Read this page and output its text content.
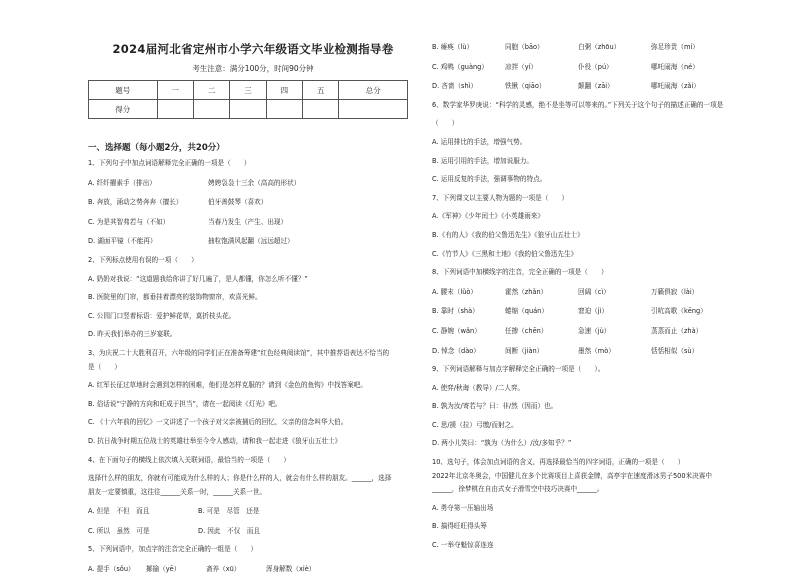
2024届河北省定州市小学六年级语文毕业检测指导卷
考生注意：满分100分，时间90分钟
题号	一	二	三	四	五	总分
得分						
一、选择题（每小题2分，共20分）
1、下列句子中加点词语解释完全正确的一项是（　　）
A. 纤纤擢素手（排出）	娉娉袅袅十三余（高高的形状）
B. 奔放，涌动之势奔奔（擅长）	伯牙善鼓琴（喜欢）
C. 为是其智弗若与（不如）	当春乃发生（产生、出现）
D. 湖面平镜（不能再）	抽粒饱满风起翻（远远超过）
2、下列标点使用有误的一项（　　）
A. 奶奶对我说：“这道题我给你讲了好几遍了，是人都懂，你怎么听不懂？”
B. 医院里的门帘，都垂挂着漂亮的装饰物窗帘，欢喜光鲜。
C. 公园门口竖着标语：爱护鲜花草，莫折枝头花。
D. 昨天我们举办的三岁宴联。
3、为庆祝二十大胜利召开，六年级的同学们正在准备筹建“红色经典阅读馆”，其中推荐语表达不恰当的
是（　　）
A. 红军长征过草地时会遇到怎样的困难，他们是怎样克服的？请到《金色的鱼钩》中找答案吧。
B. 俗话说“宁静的方向和旺成于担当”，请在一起阅读《灯光》吧。
C. 《十六年前的回忆》一文讲述了一个孩子对父亲被捕后的回忆，父亲的信念叫华大伯。
D. 抗日战争时期五位战士的英雄壮举至今令人感动，请和我一起走进《狼牙山五壮士》
4、在下面句子的横线上依次填入关联词语，最恰当的一项是（　　）
选择什么样的朋友，你就有可能成为什么样的人；你是什么样的人，就会有什么样的朋友。______，选择
朋友一定要慎重，这往往______关系一时，______关系一世。
A. 但是　不但　而且	B. 可是　尽管　还是
C. 所以　虽然　可是	D. 因此　不仅　而且
5、下列词语中，加点字的注音完全正确的一组是（　　）
A. 提手（sǒu）	揶揄（yē）	斋养（xū）	浑身解数（xiè）
B. 瘫痪（lù）	同胞（bāo）	白粥（zhōu）	弥足珍贵（mí）
C. 鸡鸭（guàng）	凉拌（yí）	仆役（pú）	哪吒闹海（né）
D. 吝啬（shì）	铁锹（qiāo）	颠翻（zāi）	哪吒闹海（zǎi）
6、数学家华罗庚说：“科学的灵感，绝不是坐等可以等来的。”下列关于这个句子的描述正确的一项是
（　　）
A. 运用排比的手法，增强气势。
B. 运用引用的手法，增加说服力。
C. 运用反复的手法，强调事物的特点。
7、下列课文以主要人物为题的一项是（　　）
A.《军神》《少年闰土》《小英雄雨来》
B.《有的人》《我的伯父鲁迅先生》《狼牙山五壮士》
C.《竹节人》《三黑和土地》《我的伯父鲁迅先生》
8、下列词语中加横线字的注音，完全正确的一项是（　　）
A. 腰末（lǔò）	霍然（zhǎn）	回阔（cì）	万籁俱寂（lài）
B. 靠时（shà）	蜷缩（quán）	窘迫（jì）	引吭高歌（kēng）
C. 静婉（wǎn）	任掺（chēn）	急速（jù）	蒸蒸而止（zhà）
D. 悼念（dào）	间断（jiàn）	墨然（mò）	恬恬相似（sù）
9、下列词语解释与加点字解释完全正确的一项是（　　）。
A. 使弈/秋诲（教导）/二人弈。
B. 孰为汝/寄若与？曰：非/然（因而）也。
C. 思/援（拉）弓缴/而射之。
D. 两小儿笑曰：“孰为（为什么）/汝/多知乎？”
10、选句子，体会加点词语的含义，再选择最恰当的四字词语，正确的一项是（　　）
2022年北京冬奥会，中国健儿在多个比赛项目上喜获金牌，高亭宇在速度滑冰男子500米决赛中
______，徐梦桃在自由式女子滑雪空中技巧决赛中______。
A. 勇夺第一压轴出场
B. 搞得旺旺得头筹
C. 一举夺魁惊喜连连
